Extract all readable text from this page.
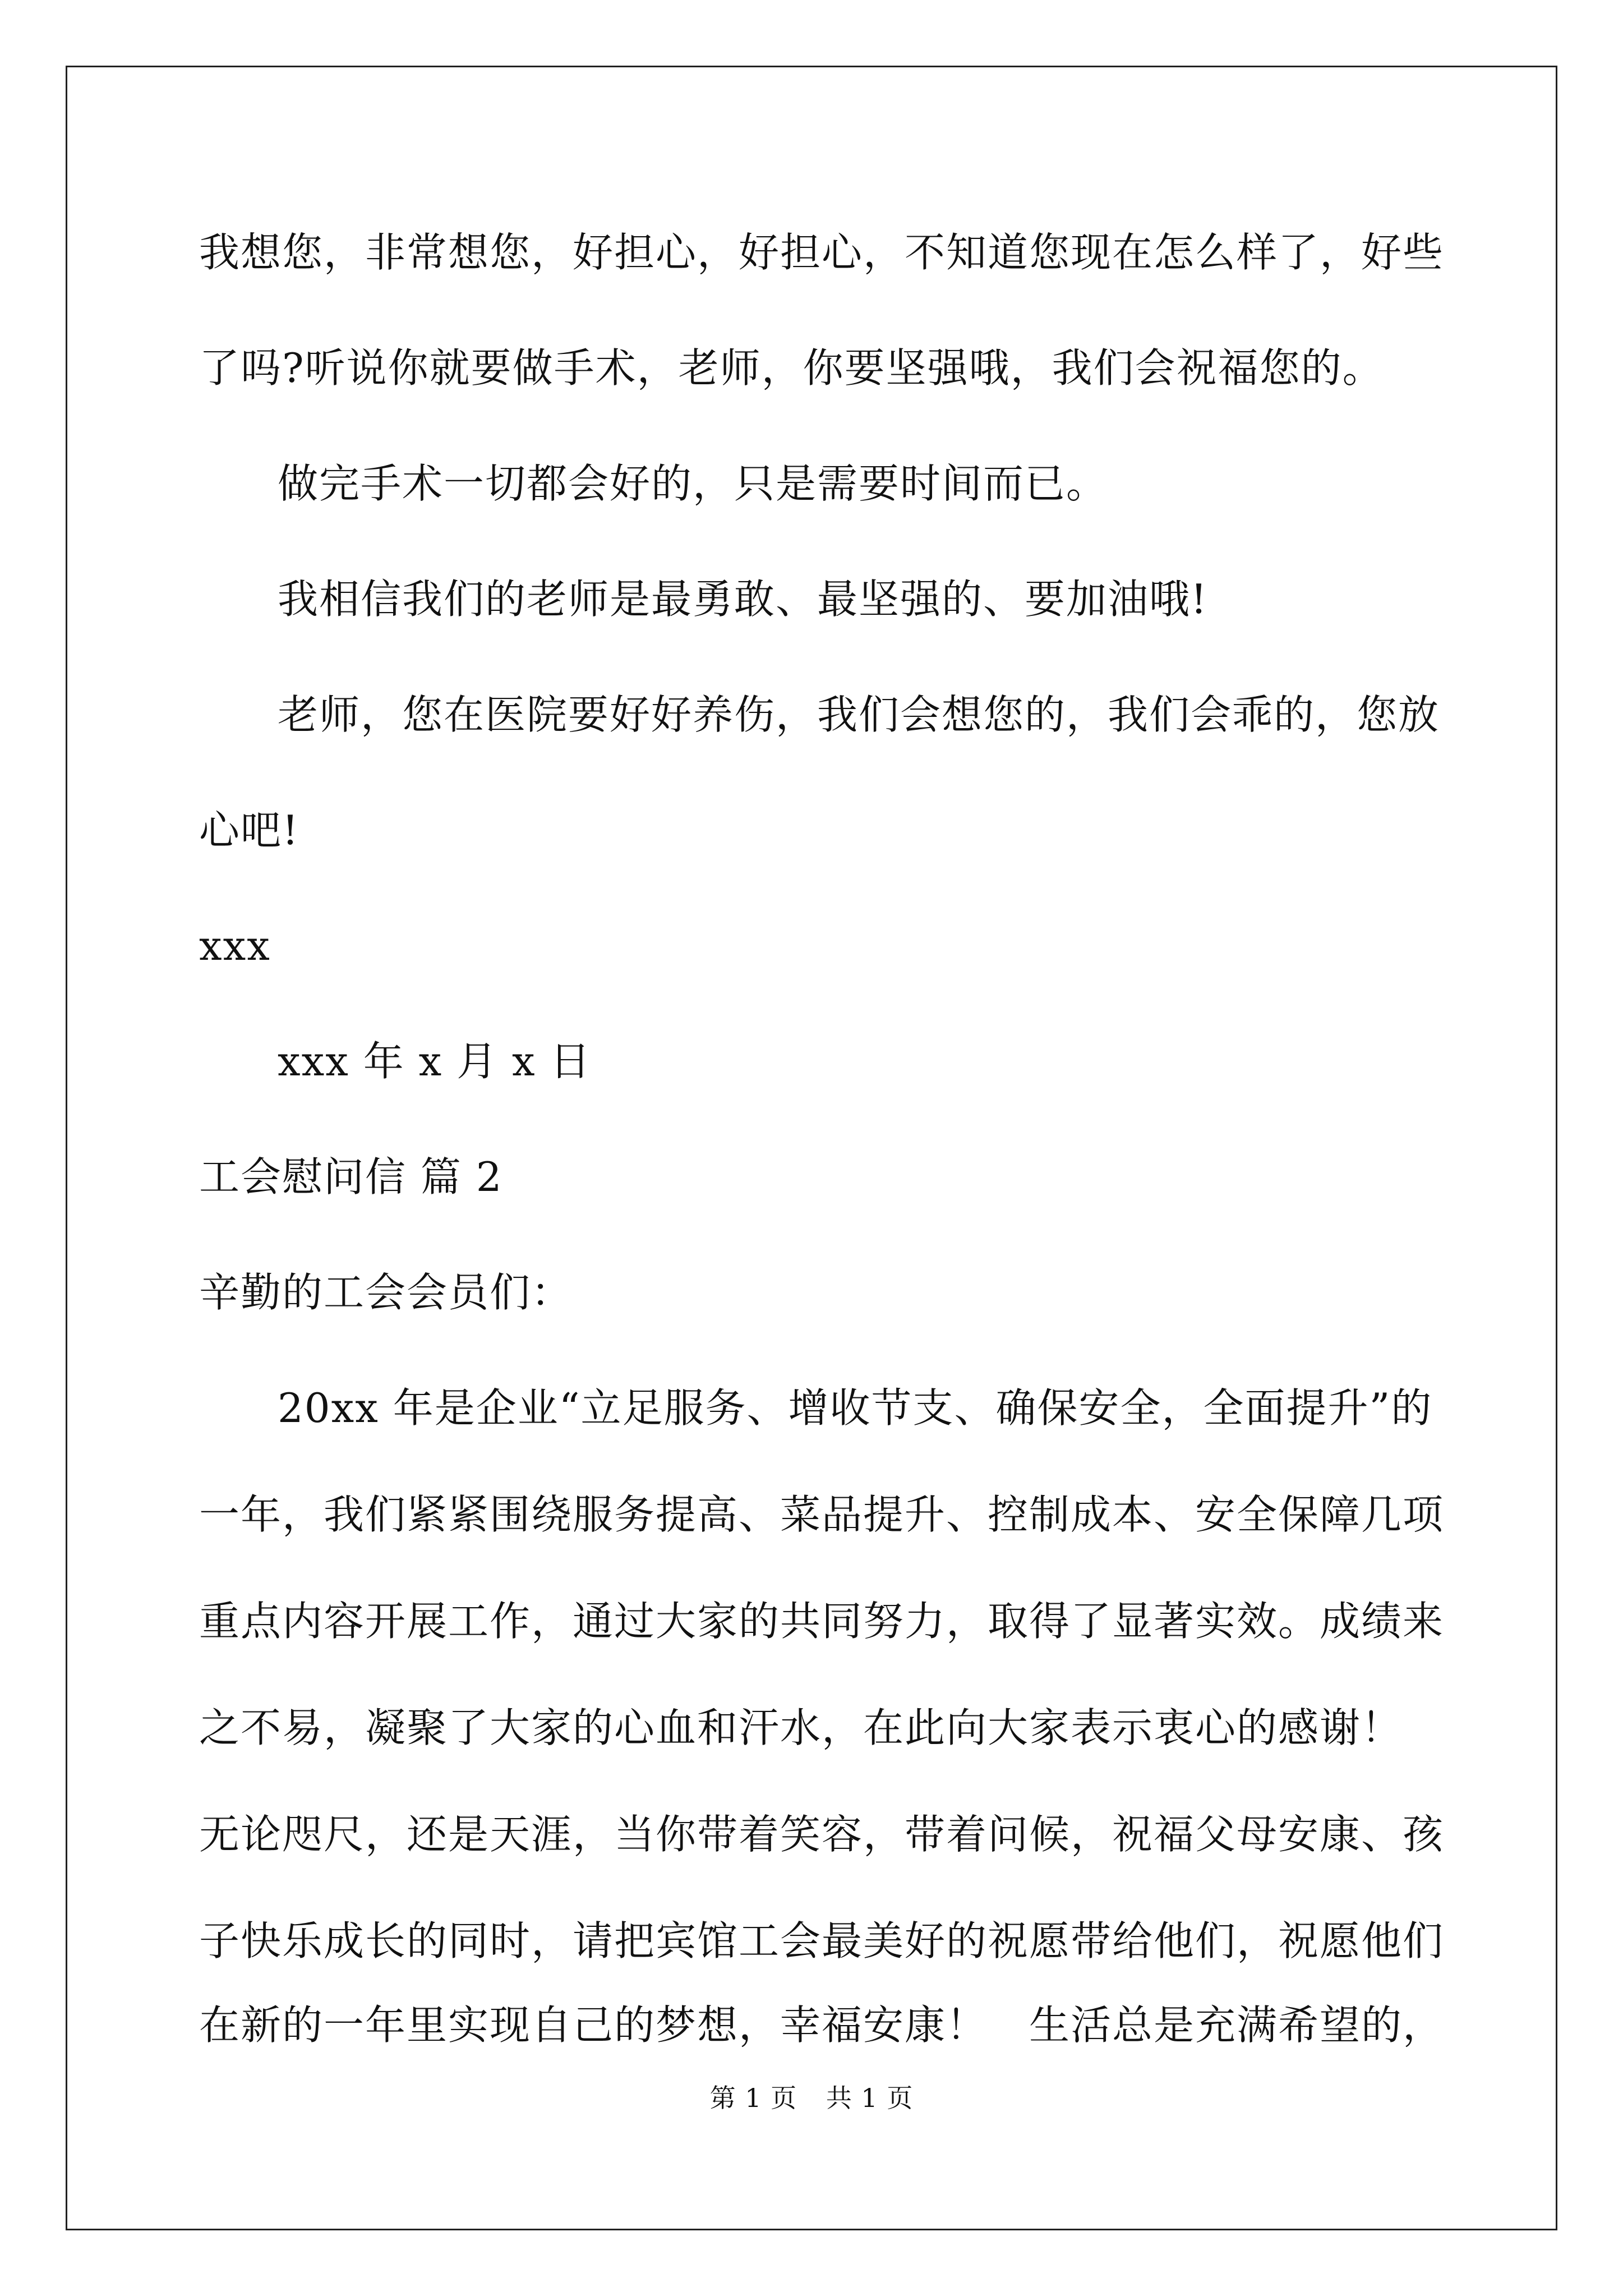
我想您，非常想您，好担心，好担心，不知道您现在怎么样了，好些
了吗?听说你就要做手术，老师，你要坚强哦，我们会祝福您的。
做完手术一切都会好的，只是需要时间而已。
我相信我们的老师是最勇敢、最坚强的、要加油哦!
老师，您在医院要好好养伤，我们会想您的，我们会乖的，您放
心吧!
xxx
xxx 年 x 月 x 日
工会慰问信 篇 2
辛勤的工会会员们：
20xx 年是企业“立足服务、增收节支、确保安全，全面提升”的
一年，我们紧紧围绕服务提高、菜品提升、控制成本、安全保障几项
重点内容开展工作，通过大家的共同努力，取得了显著实效。成绩来
之不易，凝聚了大家的心血和汗水，在此向大家表示衷心的感谢！
无论咫尺，还是天涯，当你带着笑容，带着问候，祝福父母安康、孩
子快乐成长的同时，请把宾馆工会最美好的祝愿带给他们，祝愿他们
第 1 页 共 1 页
在新的一年里实现自己的梦想，幸福安康！　生活总是充满希望的，
